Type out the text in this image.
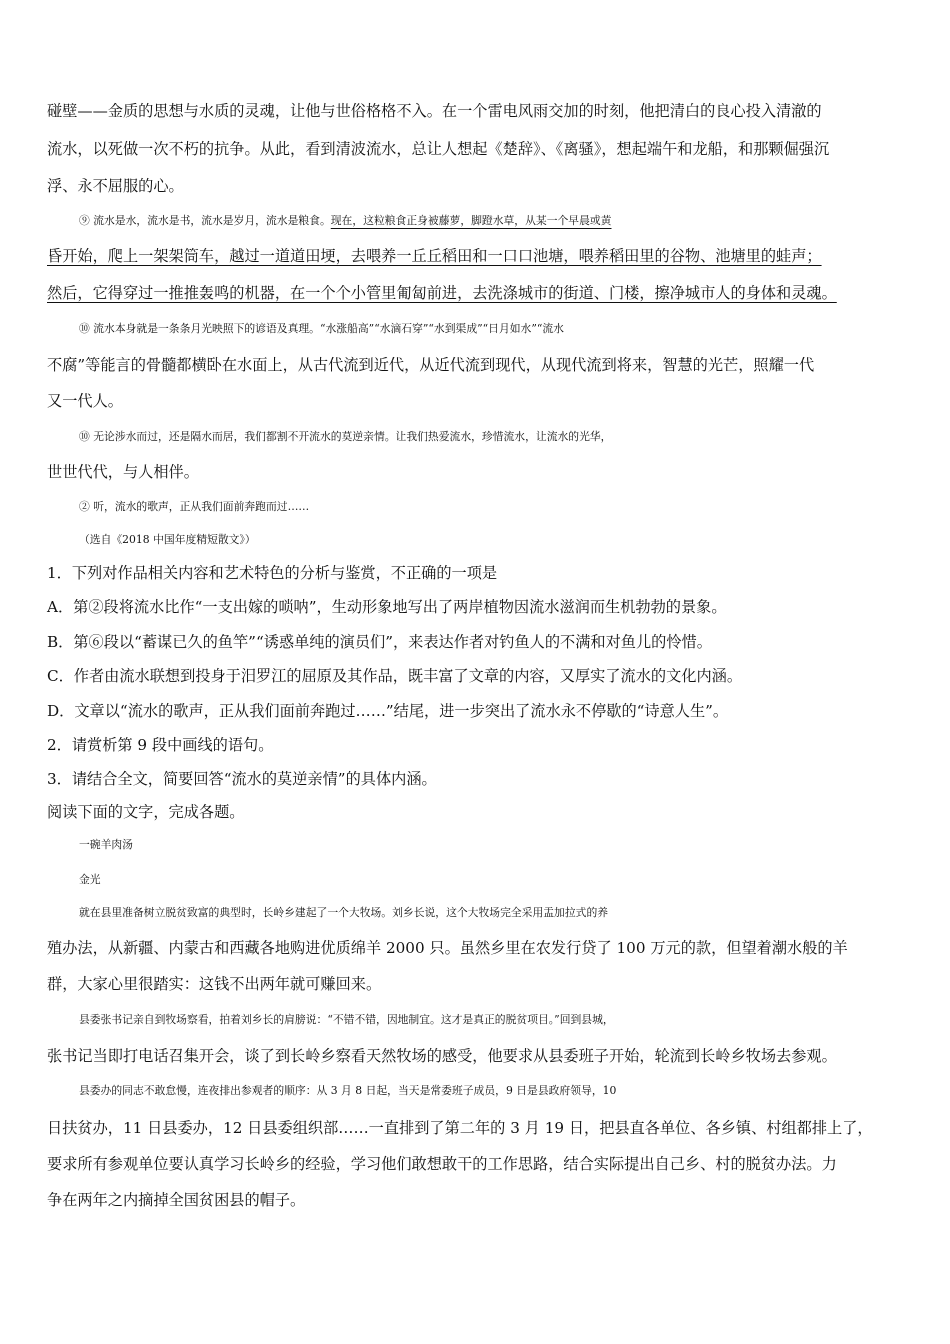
碰壁——金质的思想与水质的灵魂，让他与世俗格格不入。在一个雷电风雨交加的时刻，他把清白的良心投入清澈的
流水，以死做一次不朽的抗争。从此，看到清波流水，总让人想起《楚辞》、《离骚》，想起端午和龙船，和那颗倔强沉
浮、永不屈服的心。
⑨ 流水是水，流水是书，流水是岁月，流水是粮食。现在，这粒粮食正身被藤萝，脚蹬水草，从某一个早晨或黄
昏开始，爬上一架架筒车，越过一道道田埂，去喂养一丘丘稻田和一口口池塘，喂养稻田里的谷物、池塘里的蛙声；
然后，它得穿过一推推轰鸣的机器，在一个个小管里匍匐前进，去洗涤城市的街道、门楼，擦净城市人的身体和灵魂。
⑩ 流水本身就是一条条月光映照下的谚语及真理。“水涨船高”“水滴石穿”“水到渠成”“日月如水”“流水
不腐”等能言的骨髓都横卧在水面上，从古代流到近代，从近代流到现代，从现代流到将来，智慧的光芒，照耀一代
又一代人。
⑩ 无论涉水而过，还是隔水而居，我们都割不开流水的莫逆亲情。让我们热爱流水，珍惜流水，让流水的光华，
世世代代，与人相伴。
② 听，流水的歌声，正从我们面前奔跑而过……
（选自《2018 中国年度精短散文》）
1．下列对作品相关内容和艺术特色的分析与鉴赏，不正确的一项是
A．第②段将流水比作“一支出嫁的唢呐”，生动形象地写出了两岸植物因流水滋润而生机勃勃的景象。
B．第⑥段以“蓄谋已久的鱼竿”“诱惑单纯的演员们”，来表达作者对钓鱼人的不满和对鱼儿的怜惜。
C．作者由流水联想到投身于汨罗江的屈原及其作品，既丰富了文章的内容，又厚实了流水的文化内涵。
D．文章以“流水的歌声，正从我们面前奔跑过……”结尾，进一步突出了流水永不停歇的“诗意人生”。
2．请赏析第 9 段中画线的语句。
3．请结合全文，简要回答“流水的莫逆亲情”的具体内涵。
阅读下面的文字，完成各题。
一碗羊肉汤
金光
就在县里准备树立脱贫致富的典型时，长岭乡建起了一个大牧场。刘乡长说，这个大牧场完全采用盂加拉式的养
殖办法，从新疆、内蒙古和西藏各地购进优质绵羊 2000 只。虽然乡里在农发行贷了 100 万元的款，但望着潮水般的羊
群，大家心里很踏实：这钱不出两年就可赚回来。
县委张书记亲自到牧场察看，拍着刘乡长的肩膀说：“不错不错，因地制宜。这才是真正的脱贫项目。”回到县城，
张书记当即打电话召集开会，谈了到长岭乡察看天然牧场的感受，他要求从县委班子开始，轮流到长岭乡牧场去参观。
县委办的同志不敢怠慢，连夜排出参观者的顺序：从 3 月 8 日起，当天是常委班子成员，9 日是县政府领导，10
日扶贫办，11 日县委办，12 日县委组织部……一直排到了第二年的 3 月 19 日，把县直各单位、各乡镇、村组都排上了，
要求所有参观单位要认真学习长岭乡的经验，学习他们敢想敢干的工作思路，结合实际提出自己乡、村的脱贫办法。力
争在两年之内摘掉全国贫困县的帽子。
